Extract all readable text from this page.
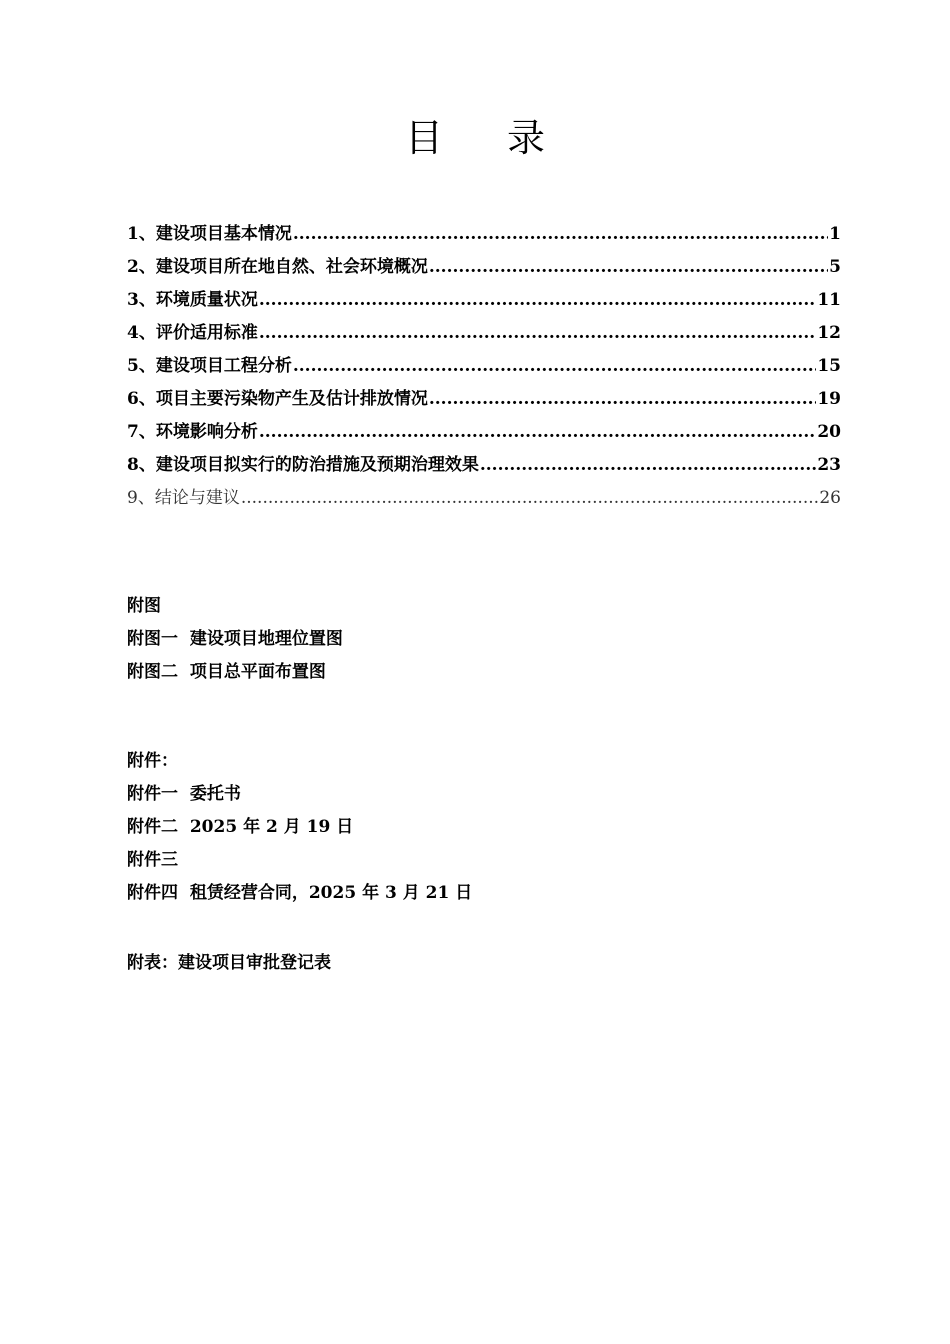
目 录
1、建设项目基本情况 .....	1
2、建设项目所在地自然、社会环境概况 .....	5
3、环境质量状况 .....	11
4、评价适用标准 .....	12
5、建设项目工程分析 .....	15
6、项目主要污染物产生及估计排放情况 .....	19
7、环境影响分析 .....	20
8、建设项目拟实行的防治措施及预期治理效果 .....	23
9、结论与建议 .....	26
附图
附图一  建设项目地理位置图
附图二  项目总平面布置图
附件：
附件一  委托书
附件二  2025 年 2 月 19 日
附件三
附件四  租赁经营合同，2025 年 3 月 21 日
附表：建设项目审批登记表
